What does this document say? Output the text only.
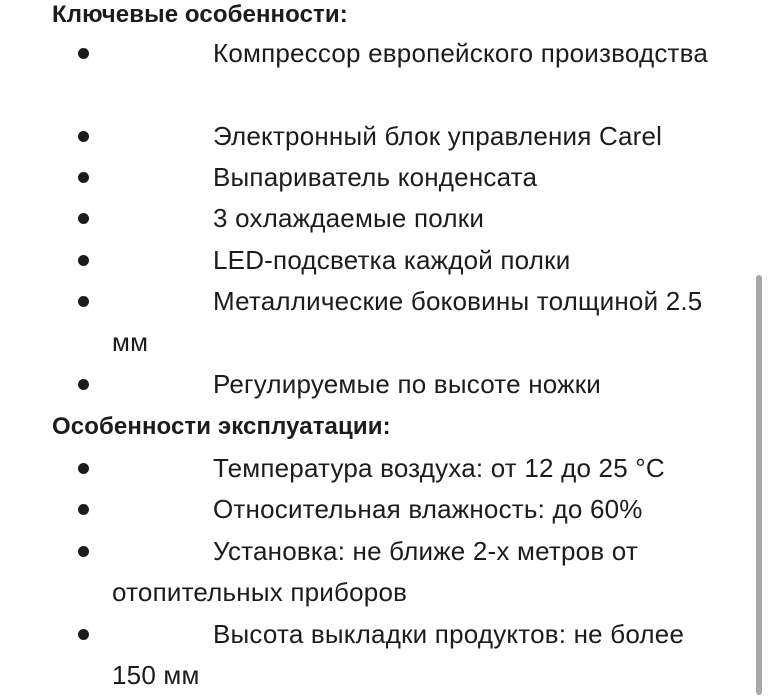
Ключевые особенности:
Компрессор европейского производства
Электронный блок управления Carel
Выпариватель конденсата
3 охлаждаемые полки
LED-подсветка каждой полки
Металлические боковины толщиной 2.5 мм
Регулируемые по высоте ножки
Особенности эксплуатации:
Температура воздуха: от 12 до 25 °С
Относительная влажность: до 60%
Установка: не ближе 2-х метров от отопительных приборов
Высота выкладки продуктов: не более 150 мм
